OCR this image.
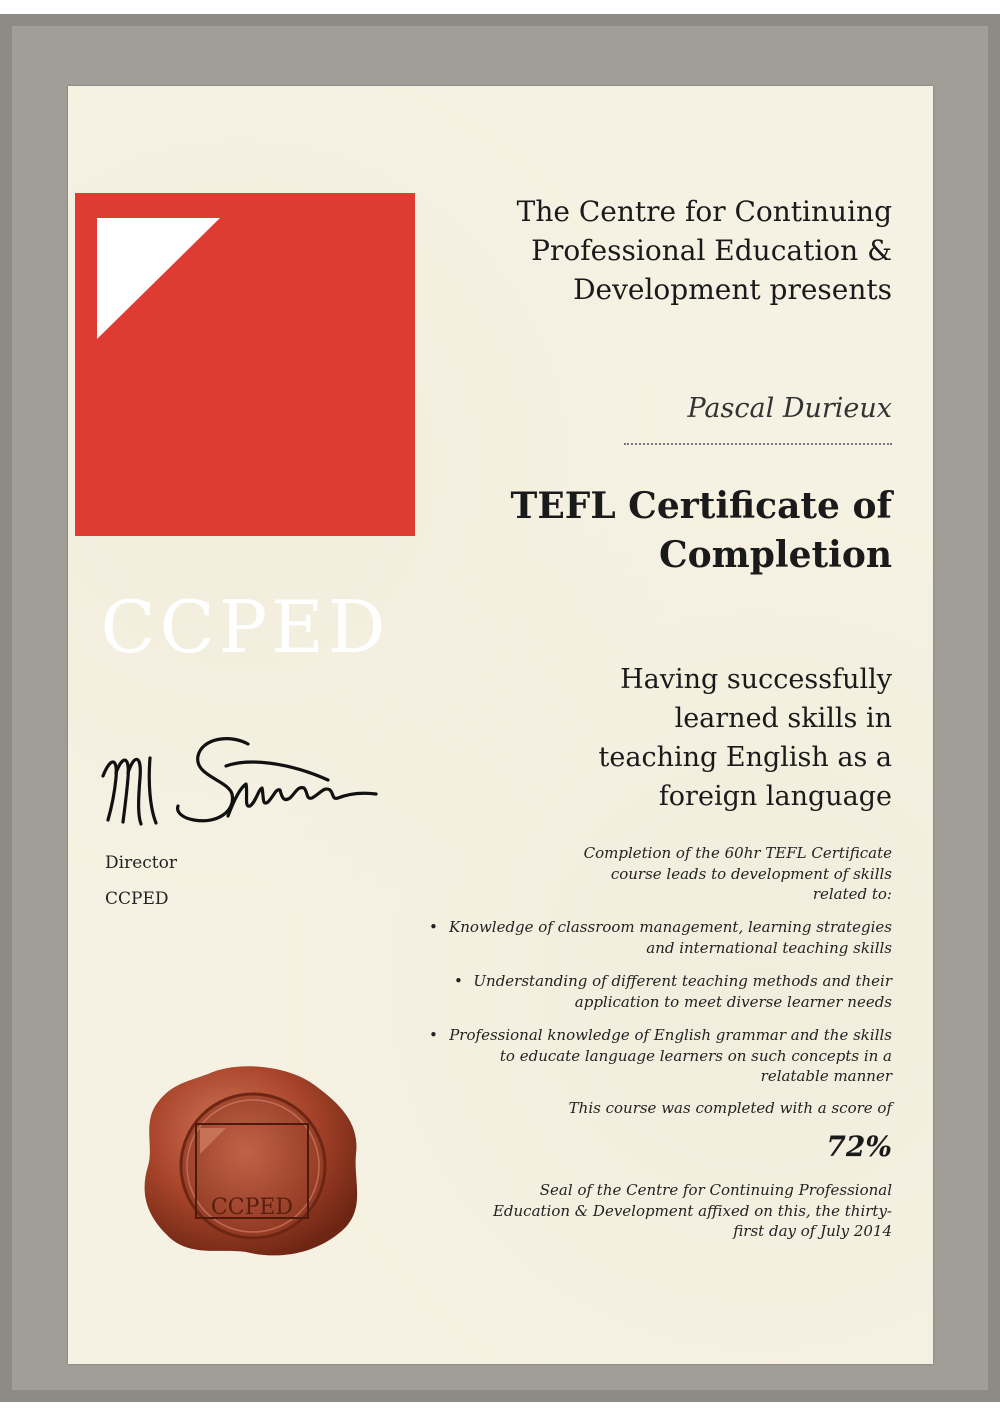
CCPED
The Centre for Continuing
Professional Education &
Development presents
Pascal Durieux
TEFL Certificate of
Completion
Having successfully
learned skills in
teaching English as a
foreign language
Completion of the 60hr TEFL Certificate
course leads to development of skills
related to:
• Knowledge of classroom management, learning strategies
and international teaching skills
• Understanding of different teaching methods and their
application to meet diverse learner needs
• Professional knowledge of English grammar and the skills
to educate language learners on such concepts in a
relatable manner
This course was completed with a score of
72%
Seal of the Centre for Continuing Professional
Education & Development affixed on this, the thirty-
first day of July 2014
Director
CCPED
CCPED
